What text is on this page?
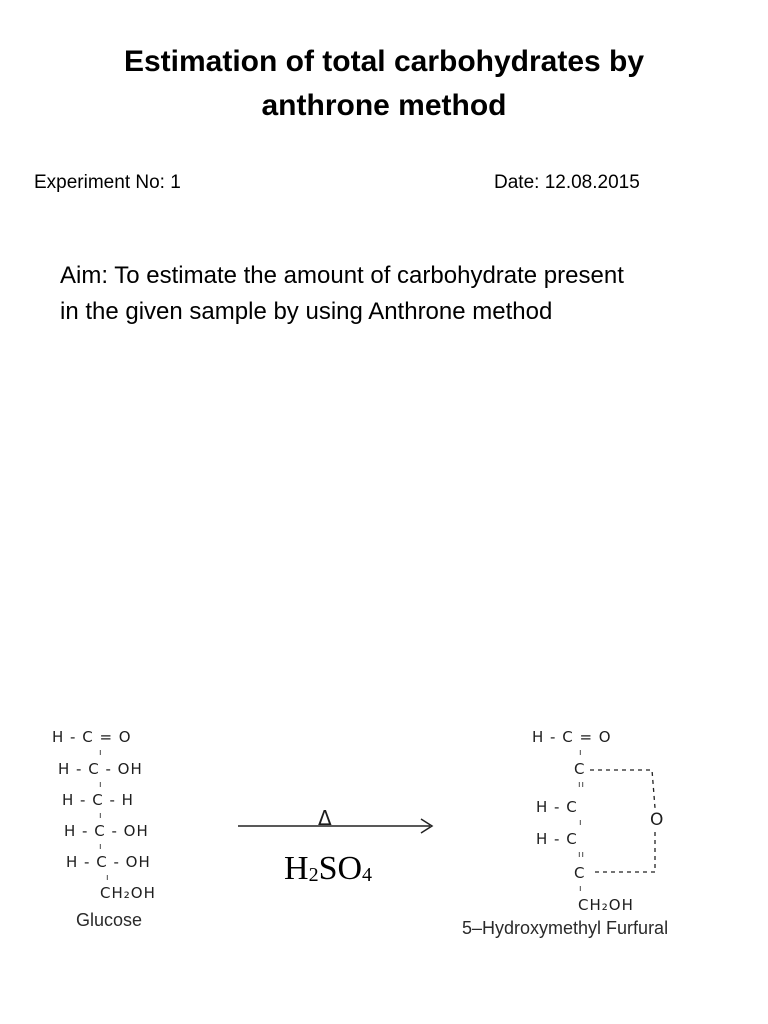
Estimation of total carbohydrates by
anthrone method
Experiment No: 1	Date: 12.08.2015
Aim: To estimate the amount of carbohydrate present
in the given sample by using Anthrone method
H - C = O
ı
H - C - OH
ı
H - C - H
ı
H - C - OH
ı
H - C - OH
ı
CH₂OH
Glucose
Δ
$H_2SO_4$
H - C = O
ı
C
ıı
H - C
ı
H - C
ıı
C
ı
CH₂OH
O
5–Hydroxymethyl Furfural
